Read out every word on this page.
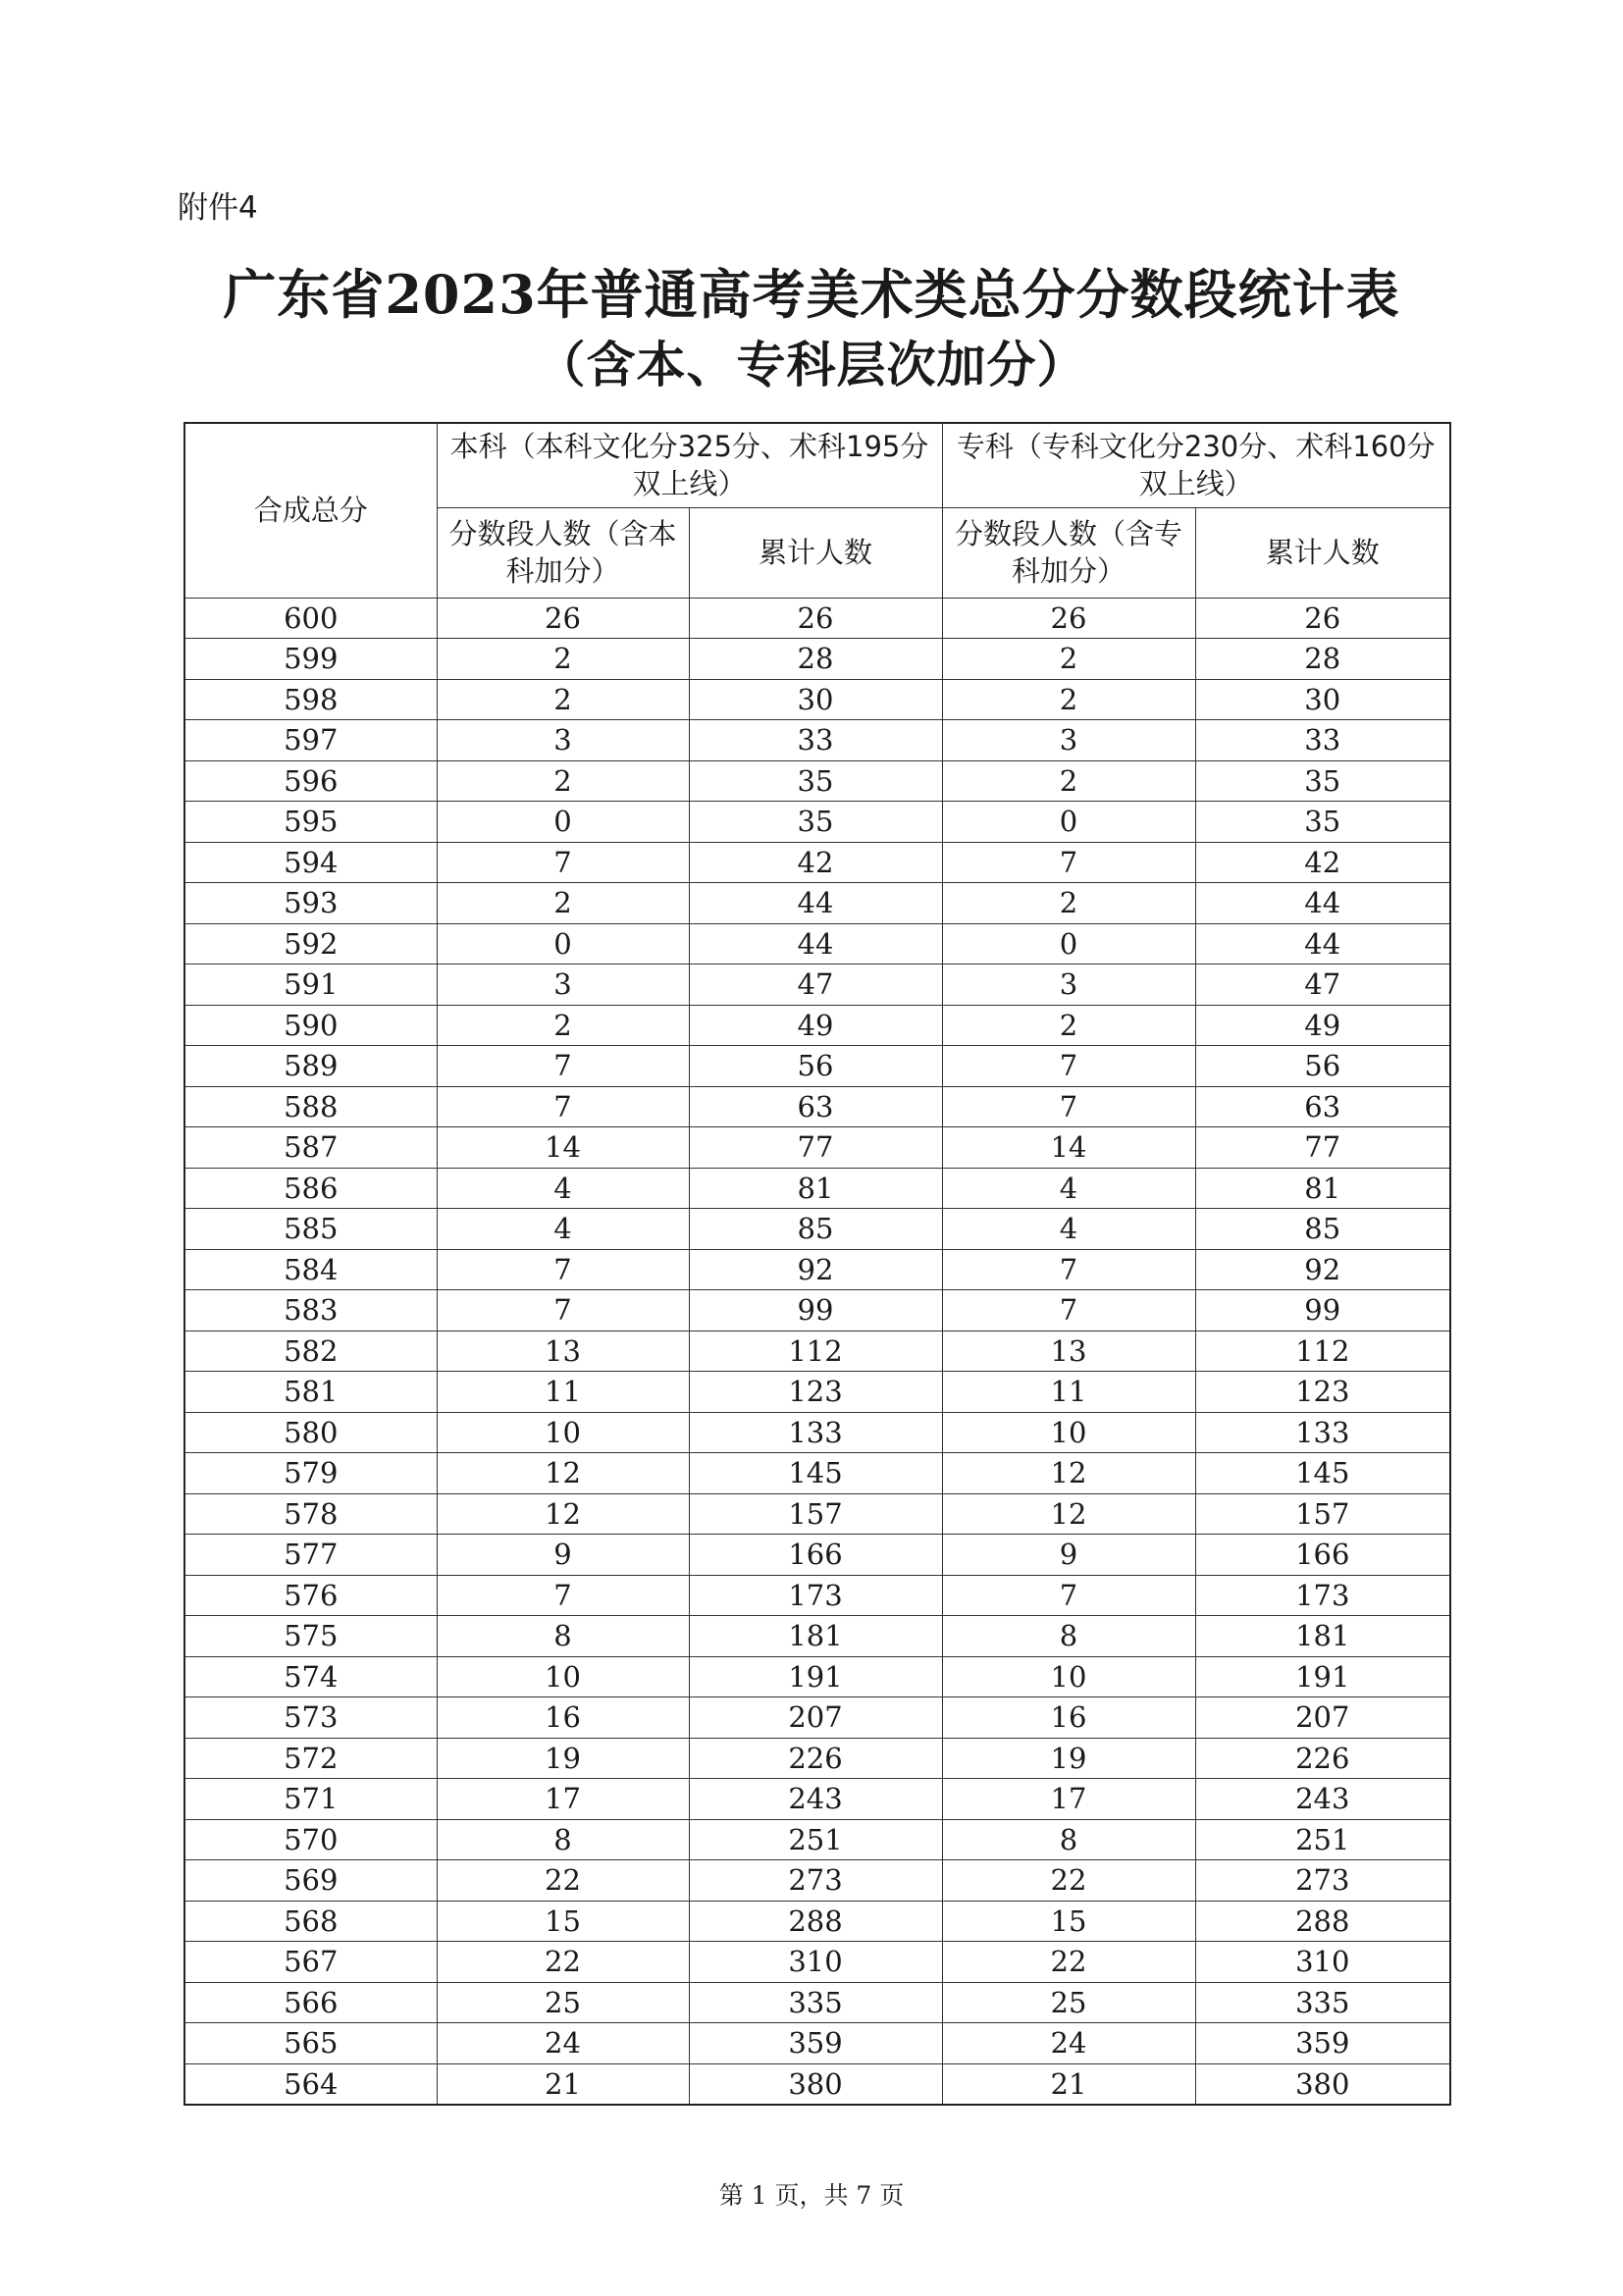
附件4
广东省2023年普通高考美术类总分分数段统计表
（含本、专科层次加分）
合成总分	本科（本科文化分325分、术科195分双上线）		专科（专科文化分230分、术科160分双上线）	
	分数段人数（含本科加分）	累计人数	分数段人数（含专科加分）	累计人数
600	26	26	26	26
599	2	28	2	28
598	2	30	2	30
597	3	33	3	33
596	2	35	2	35
595	0	35	0	35
594	7	42	7	42
593	2	44	2	44
592	0	44	0	44
591	3	47	3	47
590	2	49	2	49
589	7	56	7	56
588	7	63	7	63
587	14	77	14	77
586	4	81	4	81
585	4	85	4	85
584	7	92	7	92
583	7	99	7	99
582	13	112	13	112
581	11	123	11	123
580	10	133	10	133
579	12	145	12	145
578	12	157	12	157
577	9	166	9	166
576	7	173	7	173
575	8	181	8	181
574	10	191	10	191
573	16	207	16	207
572	19	226	19	226
571	17	243	17	243
570	8	251	8	251
569	22	273	22	273
568	15	288	15	288
567	22	310	22	310
566	25	335	25	335
565	24	359	24	359
564	21	380	21	380
第 1 页，共 7 页
